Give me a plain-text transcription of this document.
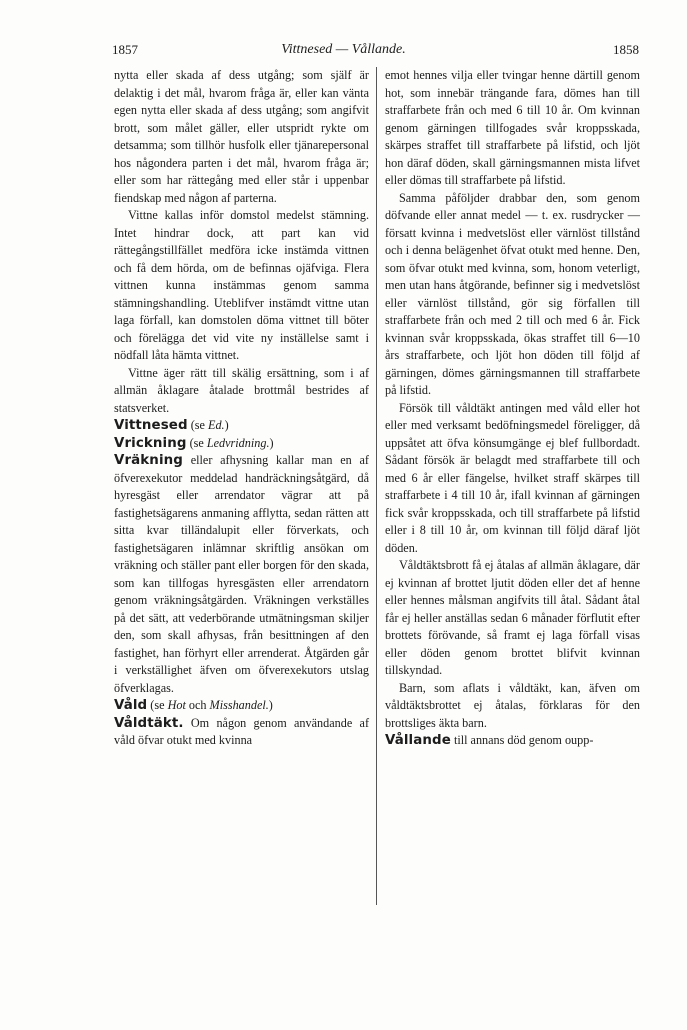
1857	Vittnesed — Vållande.	1858

nytta eller skada af dess utgång; som själf är delaktig i det mål, hvarom fråga är, eller kan vänta egen nytta eller skada af dess utgång; som angifvit brott, som målet gäller, eller utspridt rykte om detsamma; som tillhör husfolk eller tjänarepersonal hos någondera parten i det mål, hvarom fråga är; eller som har rättegång med eller står i uppenbar fiendskap med någon af parterna.

Vittne kallas inför domstol medelst stämning. Intet hindrar dock, att part kan vid rättegångstillfället medföra icke instämda vittnen och få dem hörda, om de befinnas ojäfviga. Flera vittnen kunna instämmas genom samma stämningshandling. Uteblifver instämdt vittne utan laga förfall, kan domstolen döma vittnet till böter och förelägga det vid vite ny inställelse samt i nödfall låta hämta vittnet.

Vittne äger rätt till skälig ersättning, som i af allmän åklagare åtalade brottmål bestrides af statsverket.

Vittnesed (se Ed.)

Vrickning (se Ledvridning.)

Vräkning eller afhysning kallar man en af öfverexekutor meddelad handräckningsåtgärd, då hyresgäst eller arrendator vägrar att på fastighetsägarens anmaning afflytta, sedan rätten att sitta kvar tilländalupit eller förverkats, och fastighetsägaren inlämnar skriftlig ansökan om vräkning och ställer pant eller borgen för den skada, som kan tillfogas hyresgästen eller arrendatorn genom vräkningsåtgärden. Vräkningen verkställes på det sätt, att vederbörande utmätningsman skiljer den, som skall afhysas, från besittningen af den fastighet, han förhyrt eller arrenderat. Åtgärden går i verkställighet äfven om öfverexekutors utslag öfverklagas.

Våld (se Hot och Misshandel.)

Våldtäkt. Om någon genom användande af våld öfvar otukt med kvinna

emot hennes vilja eller tvingar henne därtill genom hot, som innebär trängande fara, dömes han till straffarbete från och med 6 till 10 år. Om kvinnan genom gärningen tillfogades svår kroppsskada, skärpes straffet till straffarbete på lifstid, och ljöt hon däraf döden, skall gärningsmannen mista lifvet eller dömas till straffarbete på lifstid.

Samma påföljder drabbar den, som genom döfvande eller annat medel — t. ex. rusdrycker — försatt kvinna i medvetslöst eller värnlöst tillstånd och i denna belägenhet öfvat otukt med henne. Den, som öfvar otukt med kvinna, som, honom veterligt, men utan hans åtgörande, befinner sig i medvetslöst eller värnlöst tillstånd, gör sig förfallen till straffarbete från och med 2 till och med 6 år. Fick kvinnan svår kroppsskada, ökas straffet till 6—10 års straffarbete, och ljöt hon döden till följd af gärningen, dömes gärningsmannen till straffarbete på lifstid.

Försök till våldtäkt antingen med våld eller hot eller med verksamt bedöfningsmedel föreligger, då uppsåtet att öfva könsumgänge ej blef fullbordadt. Sådant försök är belagdt med straffarbete till och med 6 år eller fängelse, hvilket straff skärpes till straffarbete i 4 till 10 år, ifall kvinnan af gärningen fick svår kroppsskada, och till straffarbete på lifstid eller i 8 till 10 år, om kvinnan till följd däraf ljöt döden.

Våldtäktsbrott få ej åtalas af allmän åklagare, där ej kvinnan af brottet ljutit döden eller det af henne eller hennes målsman angifvits till åtal. Sådant åtal får ej heller anställas sedan 6 månader förflutit efter brottets förövande, så framt ej laga förfall visas eller döden genom brottet blifvit kvinnan tillskyndad.

Barn, som aflats i våldtäkt, kan, äfven om våldtäktsbrottet ej åtalas, förklaras för den brottsliges äkta barn.

Vållande till annans död genom oupp-
